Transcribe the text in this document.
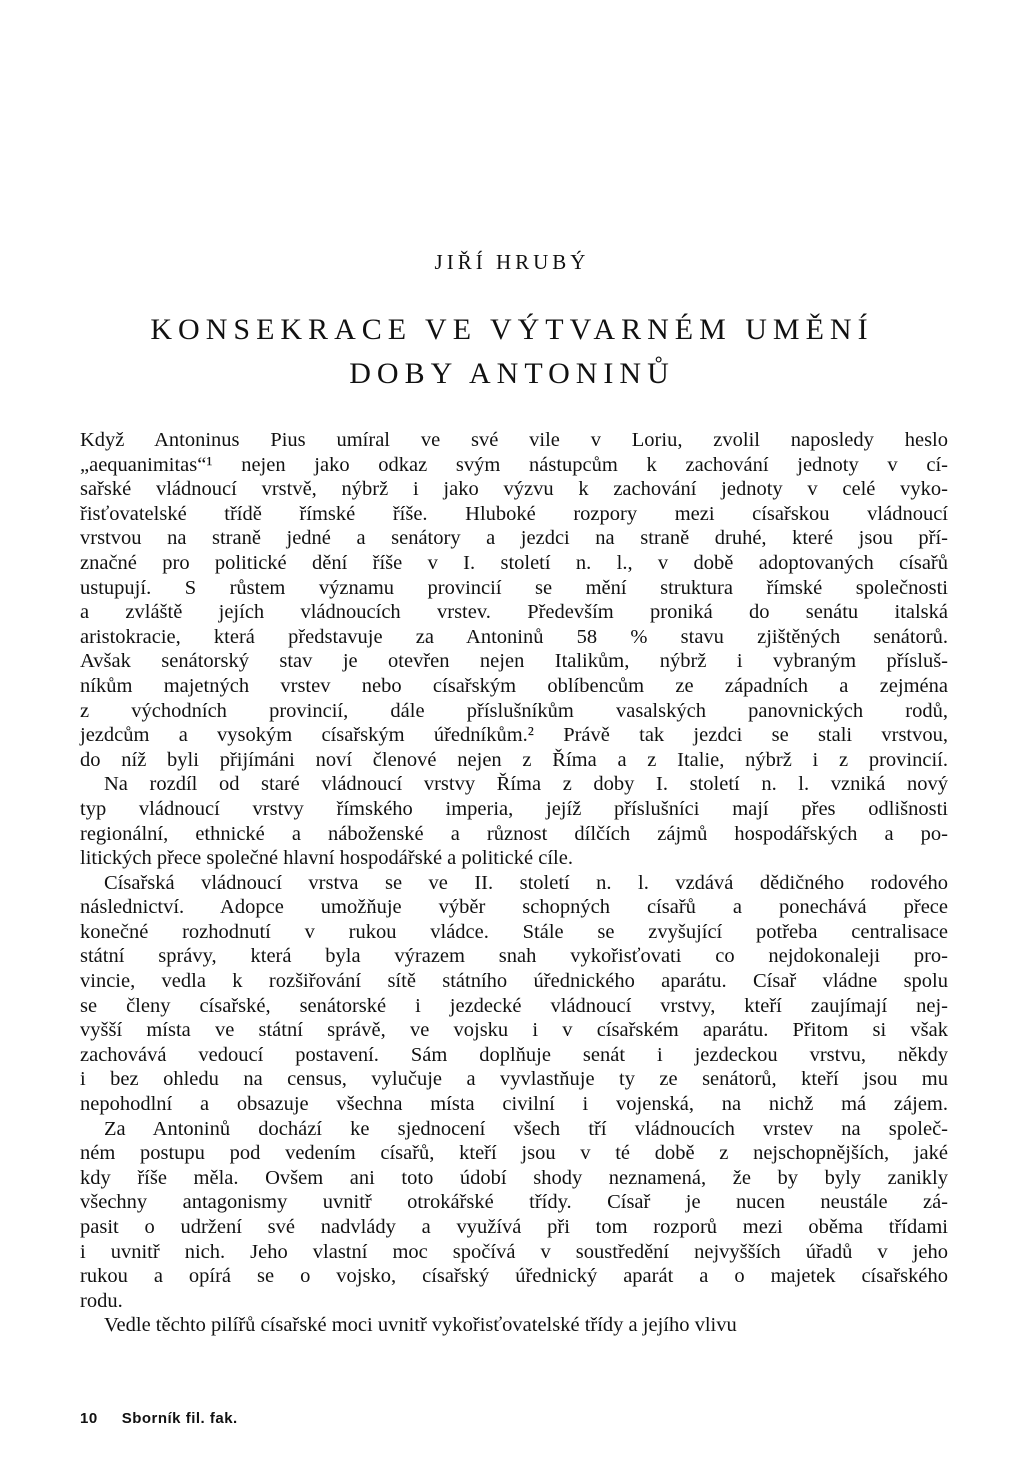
KONSEKRACE VE VÝTVARNÉM UMĚNÍ
DOBY ANTONINŮ
JIŘÍ HRUBÝ
Když Antoninus Pius umíral ve své vile v Loriu, zvolil naposledy heslo
„aequanimitas“¹ nejen jako odkaz svým nástupcům k zachování jednoty v cí-
sařské vládnoucí vrstvě, nýbrž i jako výzvu k zachování jednoty v celé vyko-
řisťovatelské třídě římské říše. Hluboké rozpory mezi císařskou vládnoucí
vrstvou na straně jedné a senátory a jezdci na straně druhé, které jsou pří-
značné pro politické dění říše v I. století n. l., v době adoptovaných císařů
ustupují. S růstem významu provincií se mění struktura římské společnosti
a zvláště jejích vládnoucích vrstev. Především proniká do senátu italská
aristokracie, která představuje za Antoninů 58 % stavu zjištěných senátorů.
Avšak senátorský stav je otevřen nejen Italikům, nýbrž i vybraným přísluš-
níkům majetných vrstev nebo císařským oblíbencům ze západních a zejména
z východních provincií, dále příslušníkům vasalských panovnických rodů,
jezdcům a vysokým císařským úředníkům.² Právě tak jezdci se stali vrstvou,
do níž byli přijímáni noví členové nejen z Říma a z Italie, nýbrž i z provincií.
Na rozdíl od staré vládnoucí vrstvy Říma z doby I. století n. l. vzniká nový
typ vládnoucí vrstvy římského imperia, jejíž příslušníci mají přes odlišnosti
regionální, ethnické a náboženské a různost dílčích zájmů hospodářských a po-
litických přece společné hlavní hospodářské a politické cíle.
Císařská vládnoucí vrstva se ve II. století n. l. vzdává dědičného rodového
následnictví. Adopce umožňuje výběr schopných císařů a ponechává přece
konečné rozhodnutí v rukou vládce. Stále se zvyšující potřeba centralisace
státní správy, která byla výrazem snah vykořisťovati co nejdokonaleji pro-
vincie, vedla k rozšiřování sítě státního úřednického aparátu. Císař vládne spolu
se členy císařské, senátorské i jezdecké vládnoucí vrstvy, kteří zaujímají nej-
vyšší místa ve státní správě, ve vojsku i v císařském aparátu. Přitom si však
zachovává vedoucí postavení. Sám doplňuje senát i jezdeckou vrstvu, někdy
i bez ohledu na census, vylučuje a vyvlastňuje ty ze senátorů, kteří jsou mu
nepohodlní a obsazuje všechna místa civilní i vojenská, na nichž má zájem.
Za Antoninů dochází ke sjednocení všech tří vládnoucích vrstev na společ-
ném postupu pod vedením císařů, kteří jsou v té době z nejschopnějších, jaké
kdy říše měla. Ovšem ani toto údobí shody neznamená, že by byly zanikly
všechny antagonismy uvnitř otrokářské třídy. Císař je nucen neustále zá-
pasit o udržení své nadvlády a využívá při tom rozporů mezi oběma třídami
i uvnitř nich. Jeho vlastní moc spočívá v soustředění nejvyšších úřadů v jeho
rukou a opírá se o vojsko, císařský úřednický aparát a o majetek císařského
rodu.
Vedle těchto pilířů císařské moci uvnitř vykořisťovatelské třídy a jejího vlivu
10 Sborník fil. fak.
